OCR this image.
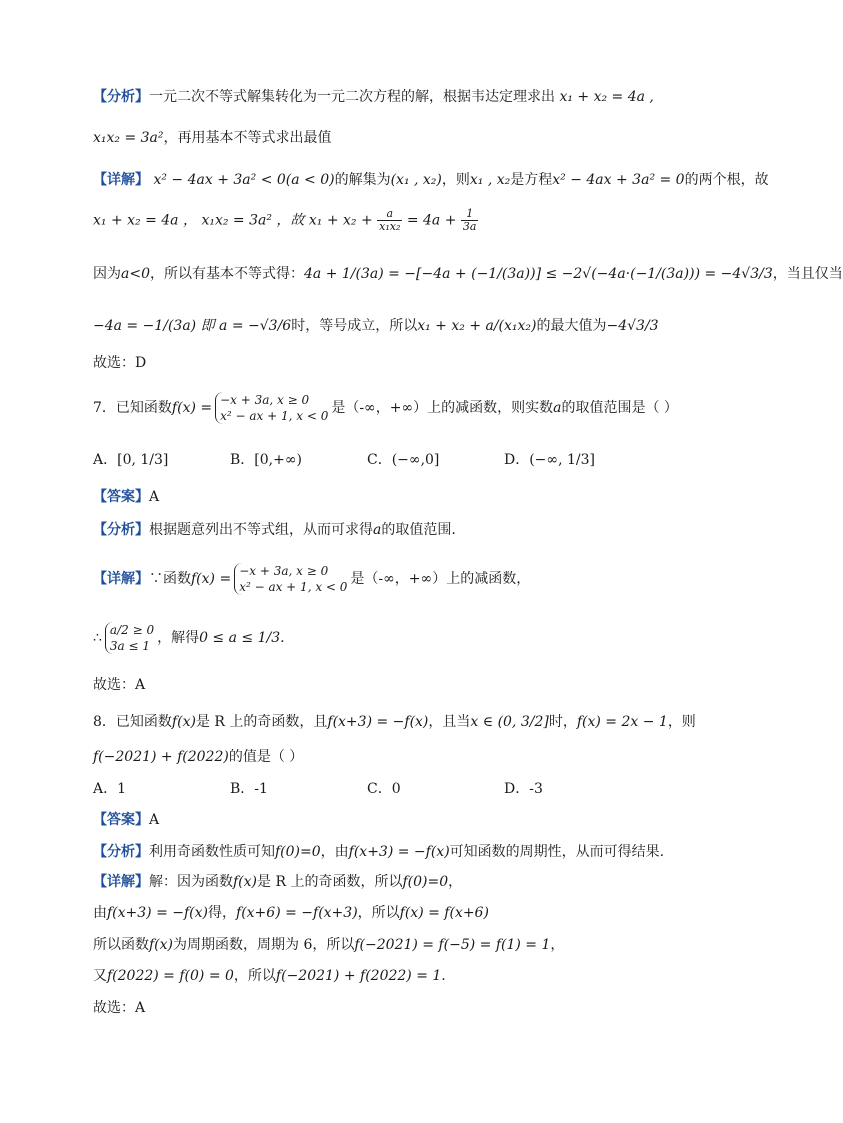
【分析】一元二次不等式解集转化为一元二次方程的解，根据韦达定理求出 x₁ + x₂ = 4a ,
x₁x₂ = 3a²，再用基本不等式求出最值
【详解】 x² − 4ax + 3a² < 0(a < 0)的解集为(x₁ , x₂)，则x₁ , x₂是方程x² − 4ax + 3a² = 0的两个根，故
x₁ + x₂ = 4a ， x₁x₂ = 3a² ，故 $x_1 + x_2 + \frac{a}{\text{x₁x₂}} = 4a + \frac{1}{3a}$
因为a<0，所以有基本不等式得：4a + 1/(3a) = −[−4a + (−1/(3a))] ≤ −2√(−4a·(−1/(3a))) = −4√3/3，当且仅当
−4a = −1/(3a) 即 a = −√3/6时，等号成立，所以x₁ + x₂ + a/(x₁x₂)的最大值为−4√3/3
故选：D
7．已知函数f(x) = −x + 3a, x ≥ 0
x² − ax + 1, x < 0 是（-∞，+∞）上的减函数，则实数a的取值范围是（ ）
A．[0, 1/3]	B．[0,+∞)	C．(−∞,0]	D．(−∞, 1/3]
【答案】A
【分析】根据题意列出不等式组，从而可求得a的取值范围.
【详解】∵函数f(x) = −x + 3a, x ≥ 0
x² − ax + 1, x < 0 是（-∞，+∞）上的减函数，
∴ a/2 ≥ 0
3a ≤ 1 ，解得0 ≤ a ≤ 1/3.
故选：A
8．已知函数f(x)是 R 上的奇函数，且f(x+3) = −f(x)，且当x ∈ (0, 3/2]时，f(x) = 2x − 1，则
f(−2021) + f(2022)的值是（ ）
A．1	B．-1	C．0	D．-3
【答案】A
【分析】利用奇函数性质可知f(0)=0，由f(x+3) = −f(x)可知函数的周期性，从而可得结果.
【详解】解：因为函数f(x)是 R 上的奇函数，所以f(0)=0，
由f(x+3) = −f(x)得，f(x+6) = −f(x+3)，所以f(x) = f(x+6)
所以函数f(x)为周期函数，周期为 6，所以f(−2021) = f(−5) = f(1) = 1，
又f(2022) = f(0) = 0，所以f(−2021) + f(2022) = 1.
故选：A
